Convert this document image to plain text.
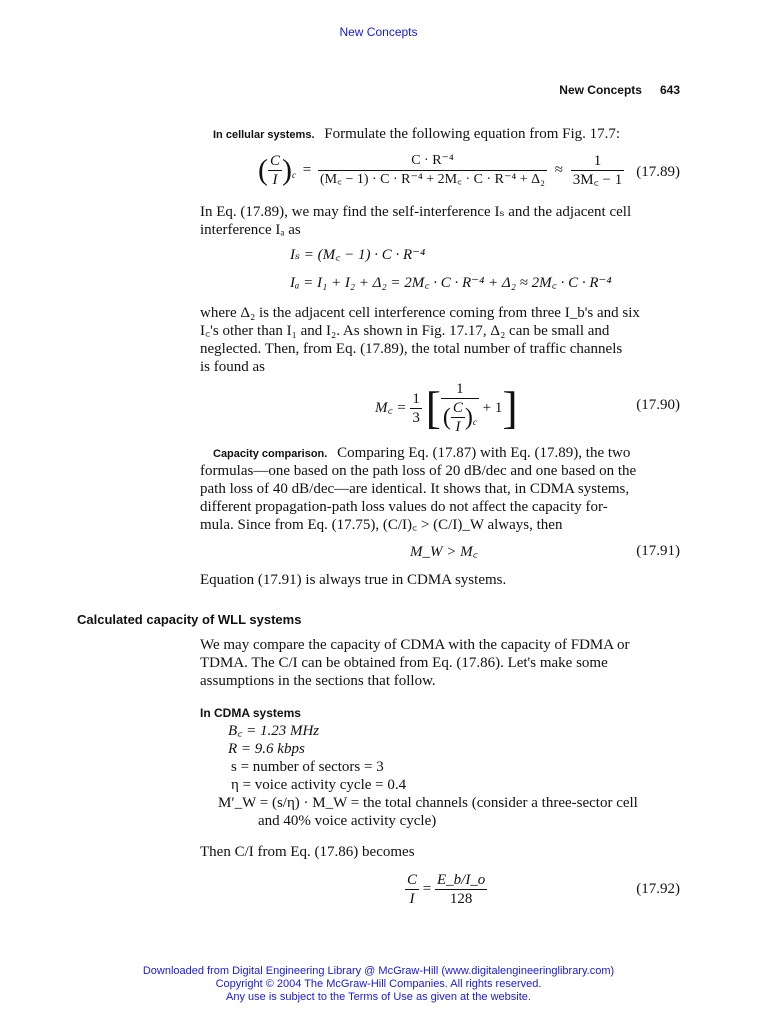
New Concepts
New Concepts 643
In cellular systems. Formulate the following equation from Fig. 17.7:
( $\frac{C}{I} )_c = \frac{\text{C · R⁻⁴}}{\text{(M꜀ − 1) · C · R⁻⁴ + 2M꜀ · C · R⁻⁴ + Δ₂}} \approx \frac{1}{3M꜀ - 1} (17.89)$
In Eq. (17.89), we may find the self-interference Iₛ and the adjacent cell
interference Iₐ as
Iₛ = (M꜀ − 1) · C · R⁻⁴
Iₐ = I₁ + I₂ + Δ₂ = 2M꜀ · C · R⁻⁴ + Δ₂ ≈ 2M꜀ · C · R⁻⁴
where Δ₂ is the adjacent cell interference coming from three I_b's and six
I꜀'s other than I₁ and I₂. As shown in Fig. 17.17, Δ₂ can be small and
neglected. Then, from Eq. (17.89), the total number of traffic channels
is found as
M꜀ = $\frac{1}{3}$ [ $\frac{1}{( \frac{C}{I} )_c} + 1$]	(17.90)
Capacity comparison. Comparing Eq. (17.87) with Eq. (17.89), the two
formulas—one based on the path loss of 20 dB/dec and one based on the
path loss of 40 dB/dec—are identical. It shows that, in CDMA systems,
different propagation-path loss values do not affect the capacity for-
mula. Since from Eq. (17.75), (C/I)꜀ > (C/I)_W always, then
M_W > M꜀	(17.91)
Equation (17.91) is always true in CDMA systems.
Calculated capacity of WLL systems
We may compare the capacity of CDMA with the capacity of FDMA or
TDMA. The C/I can be obtained from Eq. (17.86). Let's make some
assumptions in the sections that follow.
In CDMA systems
B꜀ = 1.23 MHz
R = 9.6 kbps
s = number of sectors = 3
η = voice activity cycle = 0.4
M′_W = (s/η) · M_W = the total channels (consider a three-sector cell
and 40% voice activity cycle)
Then C/I from Eq. (17.86) becomes
$\frac{C}{I} = \frac{E\_b/I\_o}{128}$	(17.92)
Downloaded from Digital Engineering Library @ McGraw-Hill (www.digitalengineeringlibrary.com)
Copyright © 2004 The McGraw-Hill Companies. All rights reserved.
Any use is subject to the Terms of Use as given at the website.
